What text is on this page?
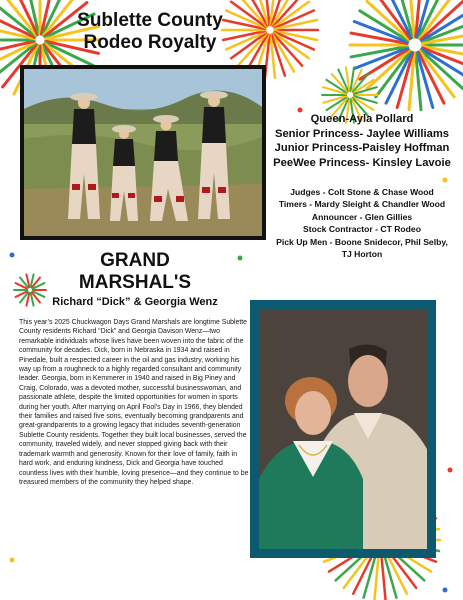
Sublette County
Rodeo Royalty
Queen-Ayla Pollard
Senior Princess- Jaylee Williams
Junior Princess-Paisley Hoffman
PeeWee Princess- Kinsley Lavoie
Judges - Colt Stone & Chase Wood
Timers - Mardy Sleight & Chandler Wood
Announcer - Glen Gillies
Stock Contractor - CT Rodeo
Pick Up Men - Boone Snidecor, Phil Selby,
TJ Horton
GRAND
MARSHAL'S
Richard “Dick” & Georgia Wenz
This year’s 2025 Chuckwagon Days Grand Marshals are longtime Sublette County residents Richard “Dick” and Georgia Davison Wenz—two remarkable individuals whose lives have been woven into the fabric of the community for decades. Dick, born in Nebraska in 1934 and raised in Pinedale, built a respected career in the oil and gas industry, working his way up from a roughneck to a highly regarded consultant and community leader. Georgia, born in Kemmerer in 1940 and raised in Big Piney and Craig, Colorado, was a devoted mother, successful businesswoman, and passionate athlete, despite the limited opportunities for women in sports during her youth. After marrying on April Fool’s Day in 1966, they blended their families and raised five sons, eventually becoming grandparents and great-grandparents to a growing legacy that includes seventh-generation Sublette County residents. Together they built local businesses, served the community, traveled widely, and never stopped giving back with their trademark warmth and generosity. Known for their love of family, faith in hard work, and enduring kindness, Dick and Georgia have touched countless lives with their humble, loving presence—and they continue to be treasured members of the community they helped shape.
